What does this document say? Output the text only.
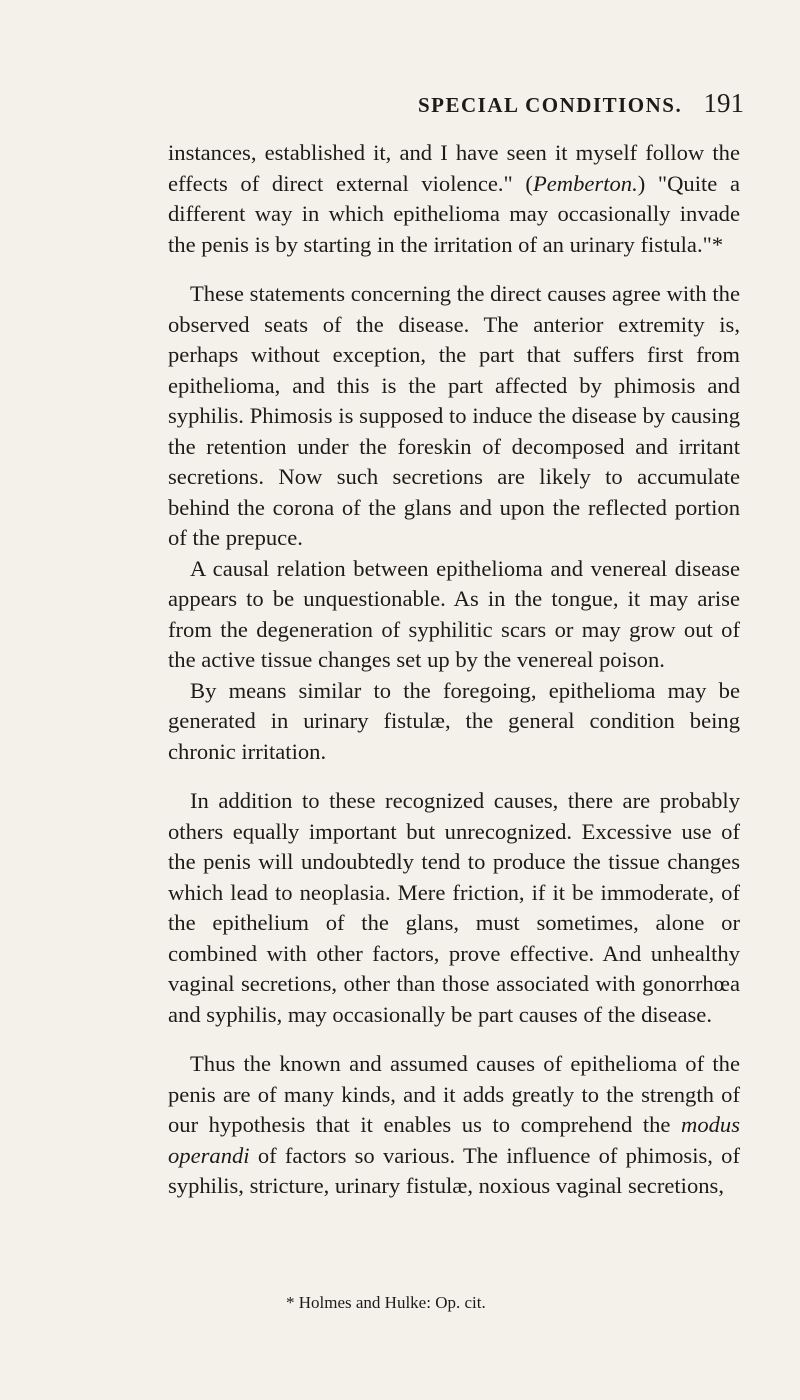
SPECIAL CONDITIONS. 191

instances, established it, and I have seen it myself follow the effects of direct external violence." (Pemberton.) "Quite a different way in which epithelioma may occasionally invade the penis is by starting in the irritation of an urinary fistula."*

These statements concerning the direct causes agree with the observed seats of the disease. The anterior extremity is, perhaps without exception, the part that suffers first from epithelioma, and this is the part affected by phimosis and syphilis. Phimosis is supposed to induce the disease by causing the retention under the foreskin of decomposed and irritant secretions. Now such secretions are likely to accumulate behind the corona of the glans and upon the reflected portion of the prepuce.

A causal relation between epithelioma and venereal disease appears to be unquestionable. As in the tongue, it may arise from the degeneration of syphilitic scars or may grow out of the active tissue changes set up by the venereal poison.

By means similar to the foregoing, epithelioma may be generated in urinary fistulæ, the general condition being chronic irritation.

In addition to these recognized causes, there are probably others equally important but unrecognized. Excessive use of the penis will undoubtedly tend to produce the tissue changes which lead to neoplasia. Mere friction, if it be immoderate, of the epithelium of the glans, must sometimes, alone or combined with other factors, prove effective. And unhealthy vaginal secretions, other than those associated with gonorrhœa and syphilis, may occasionally be part causes of the disease.

Thus the known and assumed causes of epithelioma of the penis are of many kinds, and it adds greatly to the strength of our hypothesis that it enables us to comprehend the modus operandi of factors so various. The influence of phimosis, of syphilis, stricture, urinary fistulæ, noxious vaginal secretions,

* Holmes and Hulke: Op. cit.
